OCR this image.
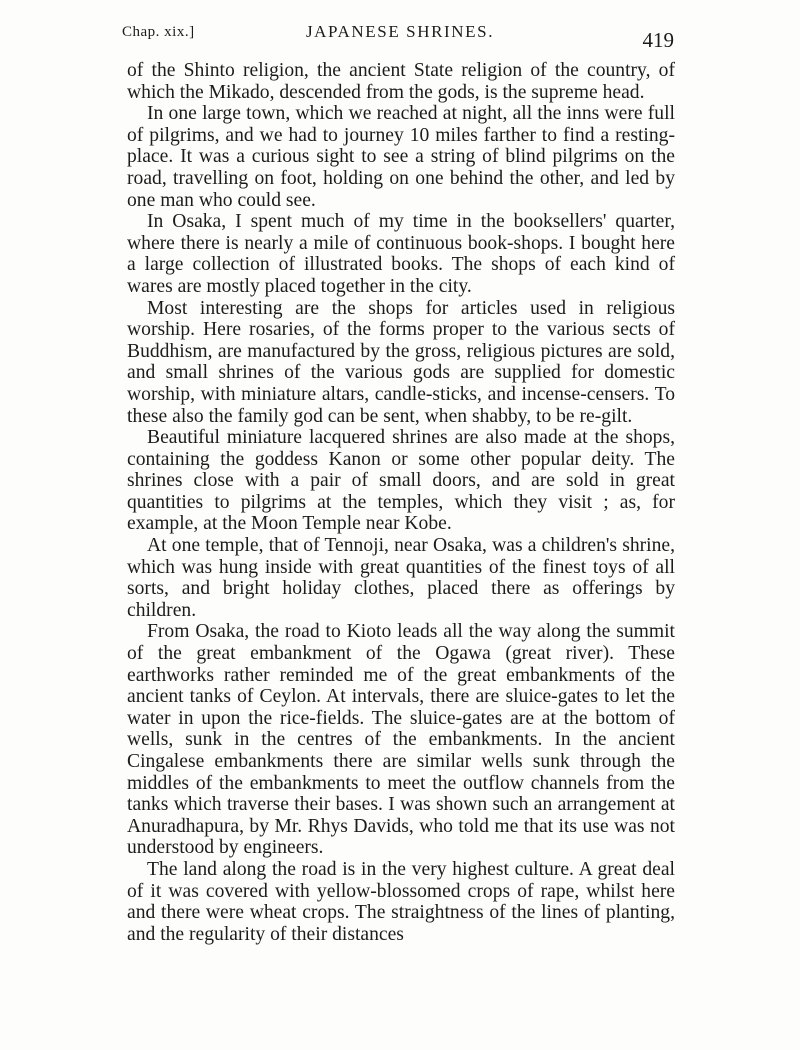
Chap. xix.]	JAPANESE SHRINES.	419

of the Shinto religion, the ancient State religion of the country, of which the Mikado, descended from the gods, is the supreme head.

In one large town, which we reached at night, all the inns were full of pilgrims, and we had to journey 10 miles farther to find a resting-place. It was a curious sight to see a string of blind pilgrims on the road, travelling on foot, holding on one behind the other, and led by one man who could see.

In Osaka, I spent much of my time in the booksellers' quarter, where there is nearly a mile of continuous book-shops. I bought here a large collection of illustrated books. The shops of each kind of wares are mostly placed together in the city.

Most interesting are the shops for articles used in religious worship. Here rosaries, of the forms proper to the various sects of Buddhism, are manufactured by the gross, religious pictures are sold, and small shrines of the various gods are supplied for domestic worship, with miniature altars, candle-sticks, and incense-censers. To these also the family god can be sent, when shabby, to be re-gilt.

Beautiful miniature lacquered shrines are also made at the shops, containing the goddess Kanon or some other popular deity. The shrines close with a pair of small doors, and are sold in great quantities to pilgrims at the temples, which they visit ; as, for example, at the Moon Temple near Kobe.

At one temple, that of Tennoji, near Osaka, was a children's shrine, which was hung inside with great quantities of the finest toys of all sorts, and bright holiday clothes, placed there as offerings by children.

From Osaka, the road to Kioto leads all the way along the summit of the great embankment of the Ogawa (great river). These earthworks rather reminded me of the great embankments of the ancient tanks of Ceylon. At intervals, there are sluice-gates to let the water in upon the rice-fields. The sluice-gates are at the bottom of wells, sunk in the centres of the embankments. In the ancient Cingalese embankments there are similar wells sunk through the middles of the embankments to meet the outflow channels from the tanks which traverse their bases. I was shown such an arrangement at Anuradhapura, by Mr. Rhys Davids, who told me that its use was not understood by engineers.

The land along the road is in the very highest culture. A great deal of it was covered with yellow-blossomed crops of rape, whilst here and there were wheat crops. The straightness of the lines of planting, and the regularity of their distances
